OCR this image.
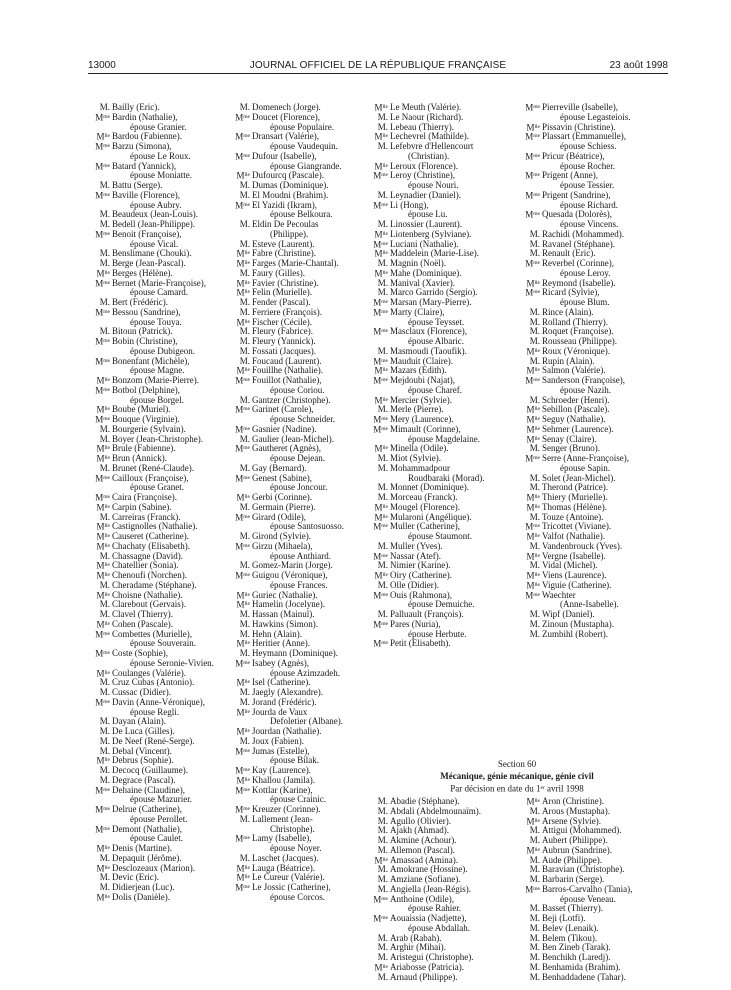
13000	JOURNAL OFFICIEL DE LA RÉPUBLIQUE FRANÇAISE	23 août 1998
M. Bailly (Eric).
$M^{me}$ Bardin (Nathalie),
épouse Granier.
$M^{lle}$ Bardou (Fabienne).
$M^{me}$ Barzu (Simona),
épouse Le Roux.
$M^{me}$ Batard (Yannick),
épouse Moniatte.
M. Battu (Serge).
$M^{me}$ Baville (Florence),
épouse Aubry.
M. Beaudeux (Jean-Louis).
M. Bedell (Jean-Philippe).
$M^{me}$ Benoit (Françoise),
épouse Vical.
M. Benslimane (Chouki).
M. Berge (Jean-Pascal).
$M^{lle}$ Berges (Hélène).
$M^{me}$ Bernet (Marie-Françoise),
épouse Camard.
M. Bert (Frédéric).
$M^{me}$ Bessou (Sandrine),
épouse Touya.
M. Bitoun (Patrick).
$M^{me}$ Bobin (Christine),
épouse Dubigeon.
$M^{me}$ Bonenfant (Michèle),
épouse Magne.
$M^{lle}$ Bonzom (Marie-Pierre).
$M^{me}$ Botbol (Delphine),
épouse Borgel.
$M^{lle}$ Boube (Muriel).
$M^{me}$ Bouque (Virginie).
M. Bourgerie (Sylvain).
M. Boyer (Jean-Christophe).
$M^{lle}$ Brule (Fabienne).
$M^{lle}$ Brun (Annick).
M. Brunet (René-Claude).
$M^{me}$ Cailloux (Françoise),
épouse Granet.
$M^{me}$ Caira (Françoise).
$M^{lle}$ Carpin (Sabine).
M. Carreiras (Franck).
$M^{lle}$ Castignolles (Nathalie).
$M^{lle}$ Causeret (Catherine).
$M^{lle}$ Chachaty (Elisabeth).
M. Chassagne (David).
$M^{lle}$ Chatellier (Sonia).
$M^{lle}$ Chenoufi (Norchen).
M. Cheradame (Stéphane).
$M^{lle}$ Choisne (Nathalie).
M. Clarebout (Gervais).
M. Clavel (Thierry).
$M^{lle}$ Cohen (Pascale).
$M^{me}$ Combettes (Murielle),
épouse Souverain.
$M^{me}$ Coste (Sophie),
épouse Seronie-Vivien.
$M^{lle}$ Coulanges (Valérie).
M. Cruz Cubas (Antonio).
M. Cussac (Didier).
$M^{me}$ Davin (Anne-Véronique),
épouse Regli.
M. Dayan (Alain).
M. De Luca (Gilles).
M. De Neef (René-Serge).
M. Debal (Vincent).
$M^{lle}$ Debrus (Sophie).
M. Decocq (Guillaume).
M. Degrace (Pascal).
$M^{me}$ Dehaine (Claudine),
épouse Mazurier.
$M^{me}$ Delrue (Catherine),
épouse Perollet.
$M^{me}$ Demont (Nathalie),
épouse Caulet.
$M^{lle}$ Denis (Martine).
M. Depaquit (Jérôme).
$M^{lle}$ Desclozeaux (Marion).
M. Devic (Eric).
M. Didierjean (Luc).
$M^{lle}$ Dolis (Danièle).
M. Domenech (Jorge).
$M^{me}$ Doucet (Florence),
épouse Populaire.
$M^{me}$ Dransart (Valérie),
épouse Vaudequin.
$M^{me}$ Dufour (Isabelle),
épouse Giangrande.
$M^{lle}$ Dufourcq (Pascale).
M. Dumas (Dominique).
M. El Moudni (Brahim).
$M^{me}$ El Yazidi (Ikram),
épouse Belkoura.
M. Eldin De Pecoulas
(Philippe).
M. Esteve (Laurent).
$M^{lle}$ Fabre (Christine).
$M^{lle}$ Farges (Marie-Chantal).
M. Faury (Gilles).
$M^{lle}$ Favier (Christine).
$M^{lle}$ Felin (Murielle).
M. Fender (Pascal).
M. Ferriere (François).
$M^{lle}$ Fischer (Cécile).
M. Fleury (Fabrice).
M. Fleury (Yannick).
M. Fossati (Jacques).
M. Foucaud (Laurent).
$M^{lle}$ Fouillhe (Nathalie).
$M^{me}$ Fouillot (Nathalie),
épouse Coriou.
M. Gantzer (Christophe).
$M^{me}$ Garinet (Carole),
épouse Schneider.
$M^{me}$ Gasnier (Nadine).
M. Gaulier (Jean-Michel).
$M^{me}$ Gautheret (Agnès),
épouse Dejean.
M. Gay (Bernard).
$M^{me}$ Genest (Sabine),
épouse Joncour.
$M^{lle}$ Gerbi (Corinne).
M. Germain (Pierre).
$M^{me}$ Girard (Odile),
épouse Santosuosso.
M. Girond (Sylvie).
$M^{me}$ Girzu (Mihaela),
épouse Anthiard.
M. Gomez-Marin (Jorge).
$M^{me}$ Guigou (Véronique),
épouse Frances.
$M^{lle}$ Guriec (Nathalie).
$M^{lle}$ Hamelin (Jocelyne).
M. Hassan (Mainul).
M. Hawkins (Simon).
M. Hehn (Alain).
$M^{lle}$ Heritier (Anne).
M. Heymann (Dominique).
$M^{me}$ Isabey (Agnès),
épouse Azimzadeh.
$M^{lle}$ Isel (Catherine).
M. Jaegly (Alexandre).
M. Jorand (Frédéric).
$M^{lle}$ Jourda de Vaux
Defoletier (Albane).
$M^{lle}$ Jourdan (Nathalie).
M. Joux (Fabien).
$M^{me}$ Jumas (Estelle),
épouse Bilak.
$M^{me}$ Kay (Laurence).
$M^{lle}$ Khallou (Jamila).
$M^{me}$ Kottlar (Karine),
épouse Crainic.
$M^{me}$ Kreuzer (Corinne).
M. Lallement (Jean-
Christophe).
$M^{me}$ Lamy (Isabelle),
épouse Noyer.
M. Laschet (Jacques).
$M^{lle}$ Lauga (Béatrice).
$M^{lle}$ Le Cureur (Valérie).
$M^{me}$ Le Jossic (Catherine),
épouse Corcos.
$M^{lle}$ Le Meuth (Valérie).
M. Le Naour (Richard).
M. Lebeau (Thierry).
$M^{lle}$ Lechevrel (Mathilde).
M. Lefebvre d'Hellencourt
(Christian).
$M^{lle}$ Leroux (Florence).
$M^{me}$ Leroy (Christine),
épouse Nouri.
M. Leynadier (Daniel).
$M^{me}$ Li (Hong),
épouse Lu.
M. Linossier (Laurent).
$M^{lle}$ Liotenberg (Sylviane).
$M^{me}$ Luciani (Nathalie).
$M^{lle}$ Maddelein (Marie-Lise).
M. Magnin (Noël).
$M^{lle}$ Mahe (Dominique).
M. Manival (Xavier).
M. Marco Garrido (Sergio).
$M^{me}$ Marsan (Mary-Pierre).
$M^{me}$ Marty (Claire),
épouse Teysset.
$M^{me}$ Masclaux (Florence),
épouse Albaric.
M. Masmoudi (Taoufik).
$M^{me}$ Mauduit (Claire).
$M^{lle}$ Mazars (Edith).
$M^{me}$ Mejdoubi (Najat),
épouse Charef.
$M^{lle}$ Mercier (Sylvie).
M. Merle (Pierre).
$M^{me}$ Mery (Laurence).
$M^{me}$ Mimault (Corinne),
épouse Magdelaine.
$M^{lle}$ Minella (Odile).
M. Miot (Sylvie).
M. Mohammadpour
Roudbaraki (Morad).
M. Monnet (Dominique).
M. Morceau (Franck).
$M^{lle}$ Mougel (Florence).
$M^{lle}$ Mularoni (Angélique).
$M^{me}$ Muller (Catherine),
épouse Staumont.
M. Muller (Yves).
$M^{me}$ Nassar (Atef).
M. Nimier (Karine).
$M^{lle}$ Oiry (Catherine).
M. Olle (Didier).
$M^{me}$ Ouis (Rahmona),
épouse Demuiche.
M. Palluault (François).
$M^{me}$ Pares (Nuria),
épouse Herbute.
$M^{me}$ Petit (Elisabeth).
$M^{me}$ Pierreville (Isabelle),
épouse Legasteiois.
$M^{lle}$ Pissavin (Christine).
$M^{me}$ Plassart (Emmanuelle),
épouse Schiess.
$M^{me}$ Pricur (Béatrice),
épouse Rocher.
$M^{me}$ Prigent (Anne),
épouse Tessier.
$M^{me}$ Prigent (Sandrine),
épouse Richard.
$M^{me}$ Quesada (Dolorès),
épouse Vincens.
M. Rachidi (Mohammed).
M. Ravanel (Stéphane).
M. Renault (Eric).
$M^{me}$ Reverbel (Corinne),
épouse Leroy.
$M^{lle}$ Reymond (Isabelle).
$M^{me}$ Ricard (Sylvie),
épouse Blum.
M. Rince (Alain).
M. Rolland (Thierry).
M. Roquet (Françoise).
M. Rousseau (Philippe).
$M^{lle}$ Roux (Véronique).
M. Rupin (Alain).
$M^{lle}$ Salmon (Valérie).
$M^{me}$ Sanderson (Françoise),
épouse Nazih.
M. Schroeder (Henri).
$M^{lle}$ Sebillon (Pascale).
$M^{lle}$ Seguy (Nathalie).
$M^{lle}$ Sehmer (Laurence).
$M^{lle}$ Senay (Claire).
M. Senger (Bruno).
$M^{me}$ Serre (Anne-Françoise),
épouse Sapin.
M. Solet (Jean-Michel).
M. Therond (Patrice).
$M^{lle}$ Thiery (Murielle).
$M^{lle}$ Thomas (Hélène).
M. Touze (Antoine).
$M^{me}$ Tricottet (Viviane).
$M^{lle}$ Valfot (Nathalie).
M. Vandenbrouck (Yves).
$M^{lle}$ Vergne (Isabelle).
M. Vidal (Michel).
$M^{lle}$ Viens (Laurence).
$M^{lle}$ Viguie (Catherine).
$M^{me}$ Waechter
(Anne-Isabelle).
M. Wipf (Daniel).
M. Zinoun (Mustapha).
M. Zumbihl (Robert).
Section 60
Mécanique, génie mécanique, génie civil
Par décision en date du 1er avril 1998
M. Abadie (Stéphane).
M. Abdali (Abdelmounaïm).
M. Agullo (Olivier).
M. Ajakh (Ahmad).
M. Akmine (Achour).
M. Allemon (Pascal).
$M^{lle}$ Amassad (Amina).
M. Amokrane (Hossine).
M. Amziane (Sofiane).
M. Angiella (Jean-Régis).
$M^{me}$ Anthoine (Odile),
épouse Rahier.
$M^{me}$ Aouaissia (Nadjette),
épouse Abdallah.
M. Arab (Rabah).
M. Arghir (Mihai).
M. Aristegui (Christophe).
$M^{lle}$ Ariabosse (Patricia).
M. Arnaud (Philippe).
$M^{lle}$ Aron (Christine).
M. Arous (Mustapha).
$M^{lle}$ Arsene (Sylvie).
M. Attigui (Mohammed).
M. Aubert (Philippe).
$M^{lle}$ Aubrun (Sandrine).
M. Aude (Philippe).
M. Baravian (Christophe).
M. Barbarin (Serge).
$M^{me}$ Barros-Carvalho (Tania),
épouse Veneau.
M. Basset (Thierry).
M. Beji (Lotfi).
M. Belev (Lenaik).
M. Belem (Tikou).
M. Ben Zineb (Tarak).
M. Benchikh (Laredj).
M. Benhamida (Brahim).
M. Benhaddadene (Tahar).
